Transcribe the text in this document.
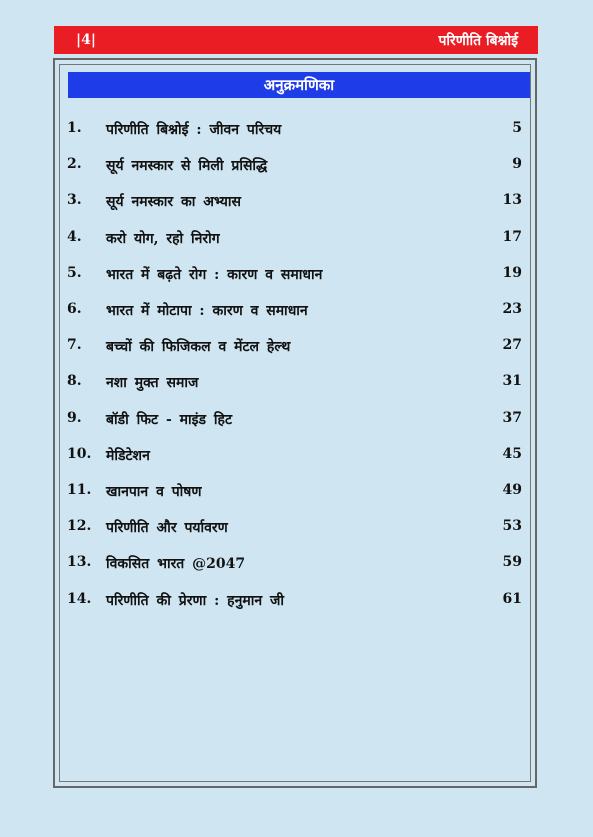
|4|	परिणीति बिश्नोई
अनुक्रमणिका
1. परिणीति बिश्नोई : जीवन परिचय	5
2. सूर्य नमस्कार से मिली प्रसिद्धि	9
3. सूर्य नमस्कार का अभ्यास	13
4. करो योग, रहो निरोग	17
5. भारत में बढ़ते रोग : कारण व समाधान	19
6. भारत में मोटापा : कारण व समाधान	23
7. बच्चों की फिजिकल व मेंटल हेल्थ	27
8. नशा मुक्त समाज	31
9. बॉडी फिट - माइंड हिट	37
10. मेडिटेशन	45
11. खानपान व पोषण	49
12. परिणीति और पर्यावरण	53
13. विकसित भारत @2047	59
14. परिणीति की प्रेरणा : हनुमान जी	61
